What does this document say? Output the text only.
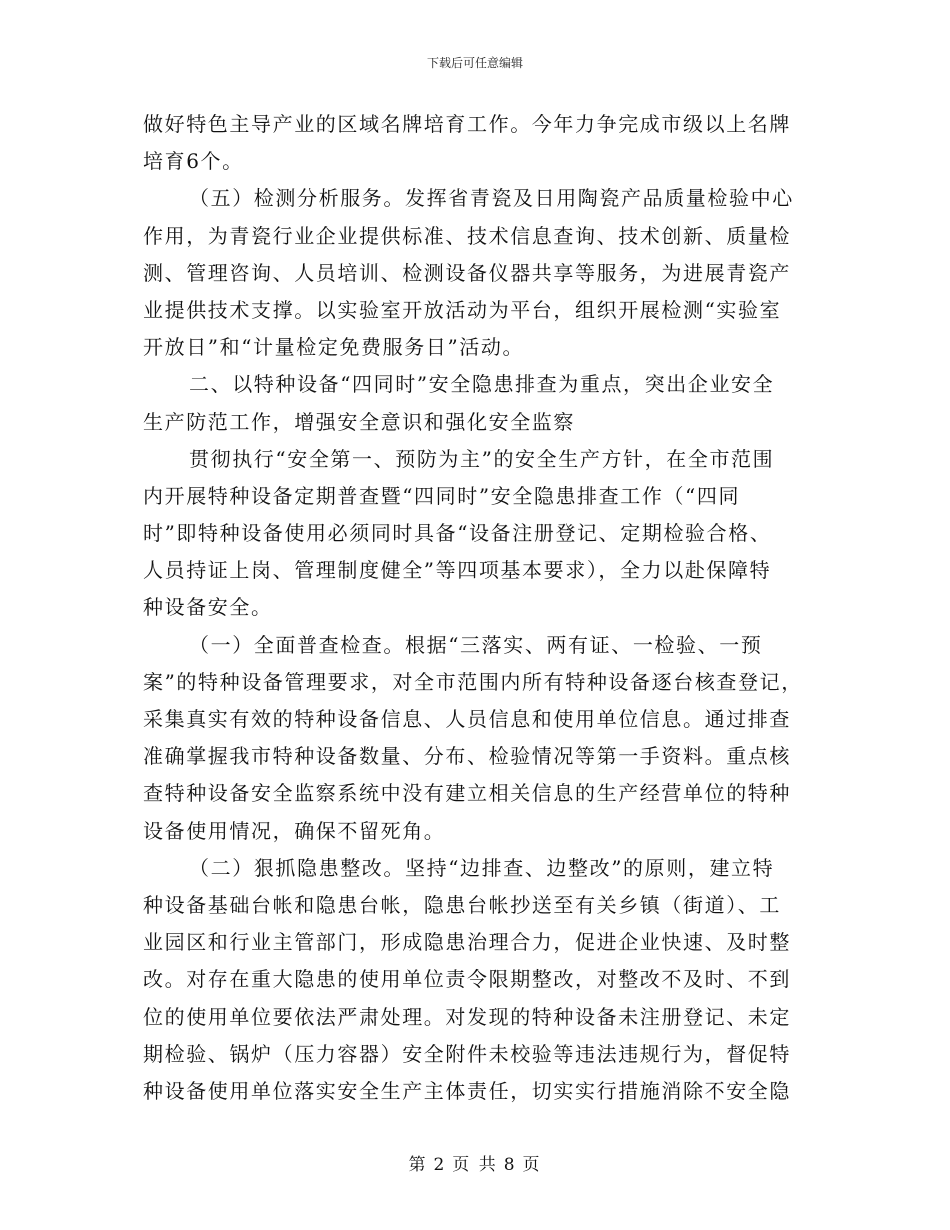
下载后可任意编辑
做好特色主导产业的区域名牌培育工作。今年力争完成市级以上名牌
培育6个。
（五）检测分析服务。发挥省青瓷及日用陶瓷产品质量检验中心
作用，为青瓷行业企业提供标准、技术信息查询、技术创新、质量检
测、管理咨询、人员培训、检测设备仪器共享等服务，为进展青瓷产
业提供技术支撑。以实验室开放活动为平台，组织开展检测“实验室
开放日”和“计量检定免费服务日”活动。
二、以特种设备“四同时”安全隐患排查为重点，突出企业安全
生产防范工作，增强安全意识和强化安全监察
贯彻执行“安全第一、预防为主”的安全生产方针，在全市范围
内开展特种设备定期普查暨“四同时”安全隐患排查工作（“四同
时”即特种设备使用必须同时具备“设备注册登记、定期检验合格、
人员持证上岗、管理制度健全”等四项基本要求），全力以赴保障特
种设备安全。
（一）全面普查检查。根据“三落实、两有证、一检验、一预
案”的特种设备管理要求，对全市范围内所有特种设备逐台核查登记，
采集真实有效的特种设备信息、人员信息和使用单位信息。通过排查
准确掌握我市特种设备数量、分布、检验情况等第一手资料。重点核
查特种设备安全监察系统中没有建立相关信息的生产经营单位的特种
设备使用情况，确保不留死角。
（二）狠抓隐患整改。坚持“边排查、边整改”的原则，建立特
种设备基础台帐和隐患台帐，隐患台帐抄送至有关乡镇（街道）、工
业园区和行业主管部门，形成隐患治理合力，促进企业快速、及时整
改。对存在重大隐患的使用单位责令限期整改，对整改不及时、不到
位的使用单位要依法严肃处理。对发现的特种设备未注册登记、未定
期检验、锅炉（压力容器）安全附件未校验等违法违规行为，督促特
种设备使用单位落实安全生产主体责任，切实实行措施消除不安全隐
第 2 页 共 8 页
